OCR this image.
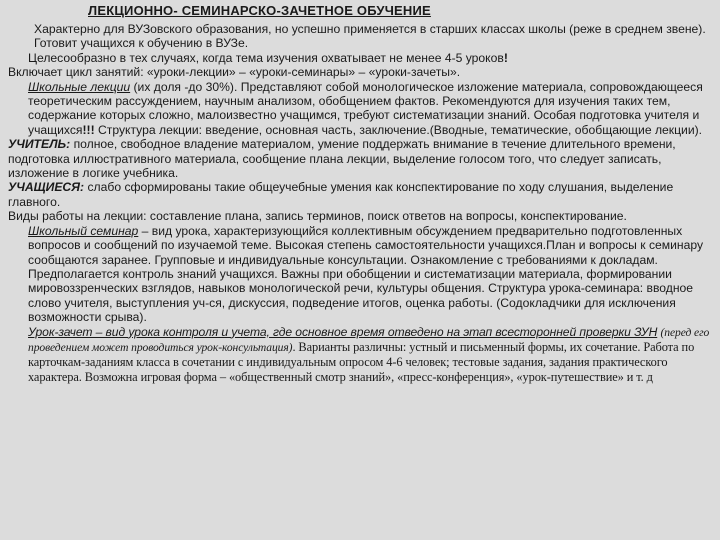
ЛЕКЦИОННО- СЕМИНАРСКО-ЗАЧЕТНОЕ ОБУЧЕНИЕ

Характерно для ВУЗовского образования, но успешно применяется в старших классах школы (реже в среднем звене). Готовит учащихся к обучению в ВУЗе.

Целесообразно в тех случаях, когда тема изучения охватывает не менее 4-5 уроков!

Включает цикл занятий: «уроки-лекции» – «уроки-семинары» – «уроки-зачеты».

Школьные лекции (их доля -до 30%). Представляют собой монологическое изложение материала, сопровождающееся теоретическим рассуждением, научным анализом, обобщением фактов. Рекомендуются для изучения таких тем, содержание которых сложно, малоизвестно учащимся, требуют систематизации знаний. Особая подготовка учителя и учащихся!!! Структура лекции: введение, основная часть, заключение.(Вводные, тематические, обобщающие лекции).

УЧИТЕЛЬ: полное, свободное владение материалом, умение поддержать внимание в течение длительного времени, подготовка иллюстративного материала, сообщение плана лекции, выделение голосом того, что следует записать, изложение в логике учебника.

УЧАЩИЕСЯ: слабо сформированы такие общеучебные умения как конспектирование по ходу слушания, выделение главного.

Виды работы на лекции: составление плана, запись терминов, поиск ответов на вопросы, конспектирование.

Школьный семинар – вид урока, характеризующийся коллективным обсуждением предварительно подготовленных вопросов и сообщений по изучаемой теме. Высокая степень самостоятельности учащихся.План и вопросы к семинару сообщаются заранее. Групповые и индивидуальные консультации. Ознакомление с требованиями к докладам. Предполагается контроль знаний учащихся. Важны при обобщении и систематизации материала, формировании мировоззренческих взглядов, навыков монологической речи, культуры общения. Структура урока-семинара: вводное слово учителя, выступления уч-ся, дискуссия, подведение итогов, оценка работы. (Содокладчики для исключения возможности срыва).

Урок-зачет – вид урока контроля и учета, где основное время отведено на этап всесторонней проверки ЗУН (перед его проведением может проводиться урок-консультация). Варианты различны: устный и письменный формы, их сочетание. Работа по карточкам-заданиям класса в сочетании с индивидуальным опросом 4-6 человек; тестовые задания, задания практического характера. Возможна игровая форма – «общественный смотр знаний», «пресс-конференция», «урок-путешествие» и т. д
